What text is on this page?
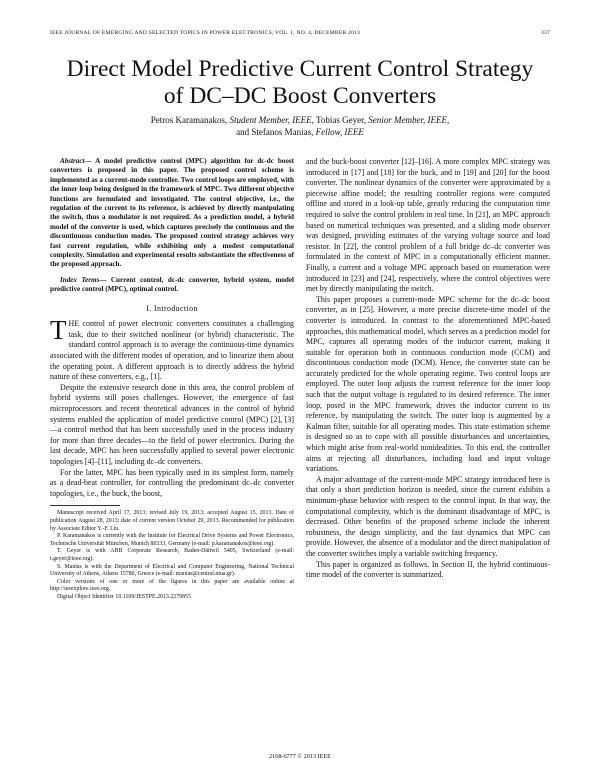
IEEE JOURNAL OF EMERGING AND SELECTED TOPICS IN POWER ELECTRONICS, VOL. 1, NO. 4, DECEMBER 2013	337
Direct Model Predictive Current Control Strategy
of DC–DC Boost Converters
Petros Karamanakos, Student Member, IEEE, Tobias Geyer, Senior Member, IEEE,
and Stefanos Manias, Fellow, IEEE

Abstract— A model predictive control (MPC) algorithm for dc-dc boost converters is proposed in this paper. The proposed control scheme is implemented as a current-mode controller. Two control loops are employed, with the inner loop being designed in the framework of MPC. Two different objective functions are formulated and investigated. The control objective, i.e., the regulation of the current to its reference, is achieved by directly manipulating the switch, thus a modulator is not required. As a prediction model, a hybrid model of the converter is used, which captures precisely the continuous and the discontinuous conduction modes. The proposed control strategy achieves very fast current regulation, while exhibiting only a modest computational complexity. Simulation and experimental results substantiate the effectiveness of the proposed approach.

Index Terms— Current control, dc-dc converter, hybrid system, model predictive control (MPC), optimal control.

I. Introduction

THE control of power electronic converters constitutes a challenging task, due to their switched nonlinear (or hybrid) characteristic. The standard control approach is to average the continuous-time dynamics associated with the different modes of operation, and to linearize them about the operating point. A different approach is to directly address the hybrid nature of these converters, e.g., [1].

Despite the extensive research done in this area, the control problem of hybrid systems still poses challenges. However, the emergence of fast microprocessors and recent theoretical advances in the control of hybrid systems enabled the application of model predictive control (MPC) [2], [3]—a control method that has been successfully used in the process industry for more than three decades—to the field of power electronics. During the last decade, MPC has been successfully applied to several power electronic topologies [4]–[11], including dc–dc converters.

For the latter, MPC has been typically used in its simplest form, namely as a dead-beat controller, for controlling the predominant dc–dc converter topologies, i.e., the buck, the boost,

Manuscript received April 17, 2013; revised July 19, 2013; accepted August 15, 2013. Date of publication August 28, 2013; date of current version October 29, 2013. Recommended for publication by Associate Editor Y.-F. Liu.

P. Karamanakos is currently with the Institute for Electrical Drive Systems and Power Electronics, Technische Universität München, Munich 80333, Germany (e-mail: p.karamanakos@ieee.org).

T. Geyer is with ABB Corporate Research, Baden-Dättwil 5405, Switzerland (e-mail: t.geyer@ieee.org).

S. Manias is with the Department of Electrical and Computer Engineering, National Technical University of Athens, Athens 15780, Greece (e-mail: manias@central.ntua.gr).

Color versions of one or more of the figures in this paper are available online at http://ieeexplore.ieee.org.

Digital Object Identifier 10.1109/JESTPE.2013.2279855

and the buck-boost converter [12]–[16]. A more complex MPC strategy was introduced in [17] and [18] for the buck, and in [19] and [20] for the boost converter. The nonlinear dynamics of the converter were approximated by a piecewise affine model; the resulting controller regions were computed offline and stored in a look-up table, greatly reducing the computation time required to solve the control problem in real time. In [21], an MPC approach based on numerical techniques was presented, and a sliding mode observer was designed, providing estimates of the varying voltage source and load resistor. In [22], the control problem of a full bridge dc–dc converter was formulated in the context of MPC in a computationally efficient manner. Finally, a current and a voltage MPC approach based on enumeration were introduced in [23] and [24], respectively, where the control objectives were met by directly manipulating the switch.

This paper proposes a current-mode MPC scheme for the dc–dc boost converter, as in [25]. However, a more precise discrete-time model of the converter is introduced. In contrast to the aforementioned MPC-based approaches, this mathematical model, which serves as a prediction model for MPC, captures all operating modes of the inductor current, making it suitable for operation both in continuous conduction mode (CCM) and discontinuous conduction mode (DCM). Hence, the converter state can be accurately predicted for the whole operating regime. Two control loops are employed. The outer loop adjusts the current reference for the inner loop such that the output voltage is regulated to its desired reference. The inner loop, posed in the MPC framework, drives the inductor current to its reference, by manipulating the switch. The outer loop is augmented by a Kalman filter, suitable for all operating modes. This state estimation scheme is designed so as to cope with all possible disturbances and uncertainties, which might arise from real-world nonidealities. To this end, the controller aims at rejecting all disturbances, including load and input voltage variations.

A major advantage of the current-mode MPC strategy introduced here is that only a short prediction horizon is needed, since the current exhibits a minimum-phase behavior with respect to the control input. In that way, the computational complexity, which is the dominant disadvantage of MPC, is decreased. Other benefits of the proposed scheme include the inherent robustness, the design simplicity, and the fast dynamics that MPC can provide. However, the absence of a modulator and the direct manipulation of the converter switches imply a variable switching frequency.

This paper is organized as follows. In Section II, the hybrid continuous-time model of the converter is summarized.

2168-6777 © 2013 IEEE
